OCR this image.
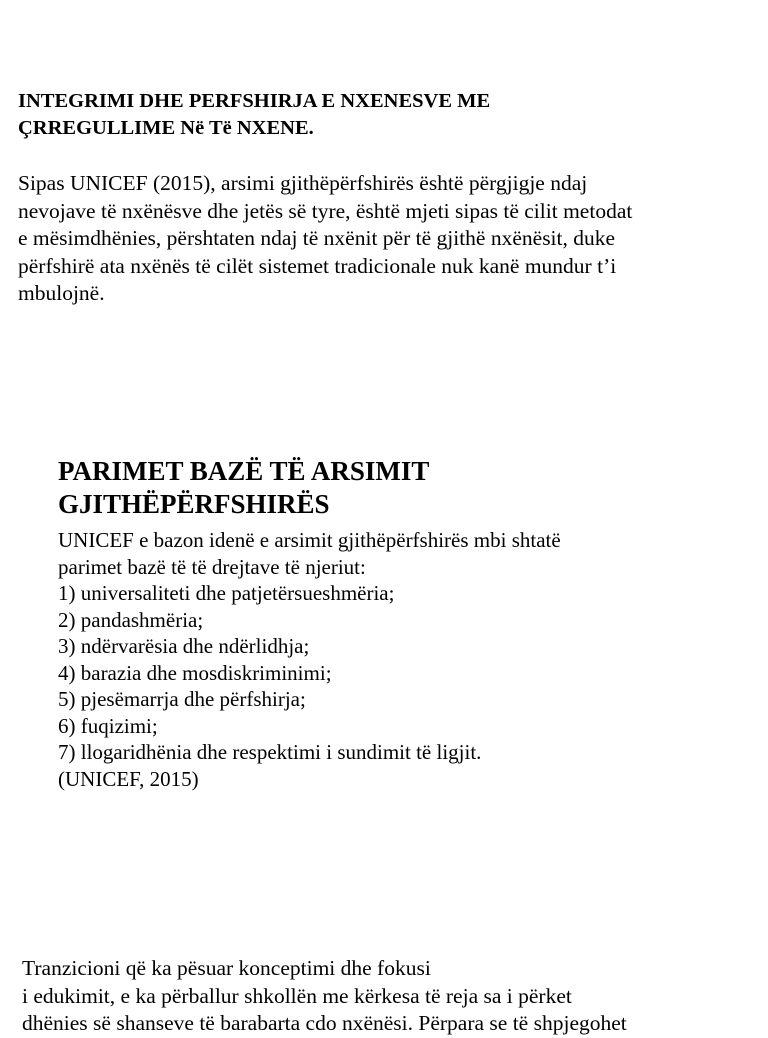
INTEGRIMI DHE PERFSHIRJA E NXENESVE ME
ÇRREGULLIME Në Të NXENE.

Sipas UNICEF (2015), arsimi gjithëpërfshirës është përgjigje ndaj
nevojave të nxënësve dhe jetës së tyre, është mjeti sipas të cilit metodat
e mësimdhënies, përshtaten ndaj të nxënit për të gjithë nxënësit, duke
përfshirë ata nxënës të cilët sistemet tradicionale nuk kanë mundur t’i
mbulojnë.

PARIMET BAZË TË ARSIMIT
GJITHËPËRFSHIRËS

UNICEF e bazon idenë e arsimit gjithëpërfshirës mbi shtatë
parimet bazë të të drejtave të njeriut:

1) universaliteti dhe patjetërsueshmëria;
2) pandashmëria;
3) ndërvarësia dhe ndërlidhja;
4) barazia dhe mosdiskriminimi;
5) pjesëmarrja dhe përfshirja;
6) fuqizimi;
7) llogaridhënia dhe respektimi i sundimit të ligjit.

(UNICEF, 2015)

Tranzicioni që ka pësuar konceptimi dhe fokusi
i edukimit, e ka përballur shkollën me kërkesa të reja sa i përket
dhënies së shanseve të barabarta cdo nxënësi. Përpara se të shpjegohet
